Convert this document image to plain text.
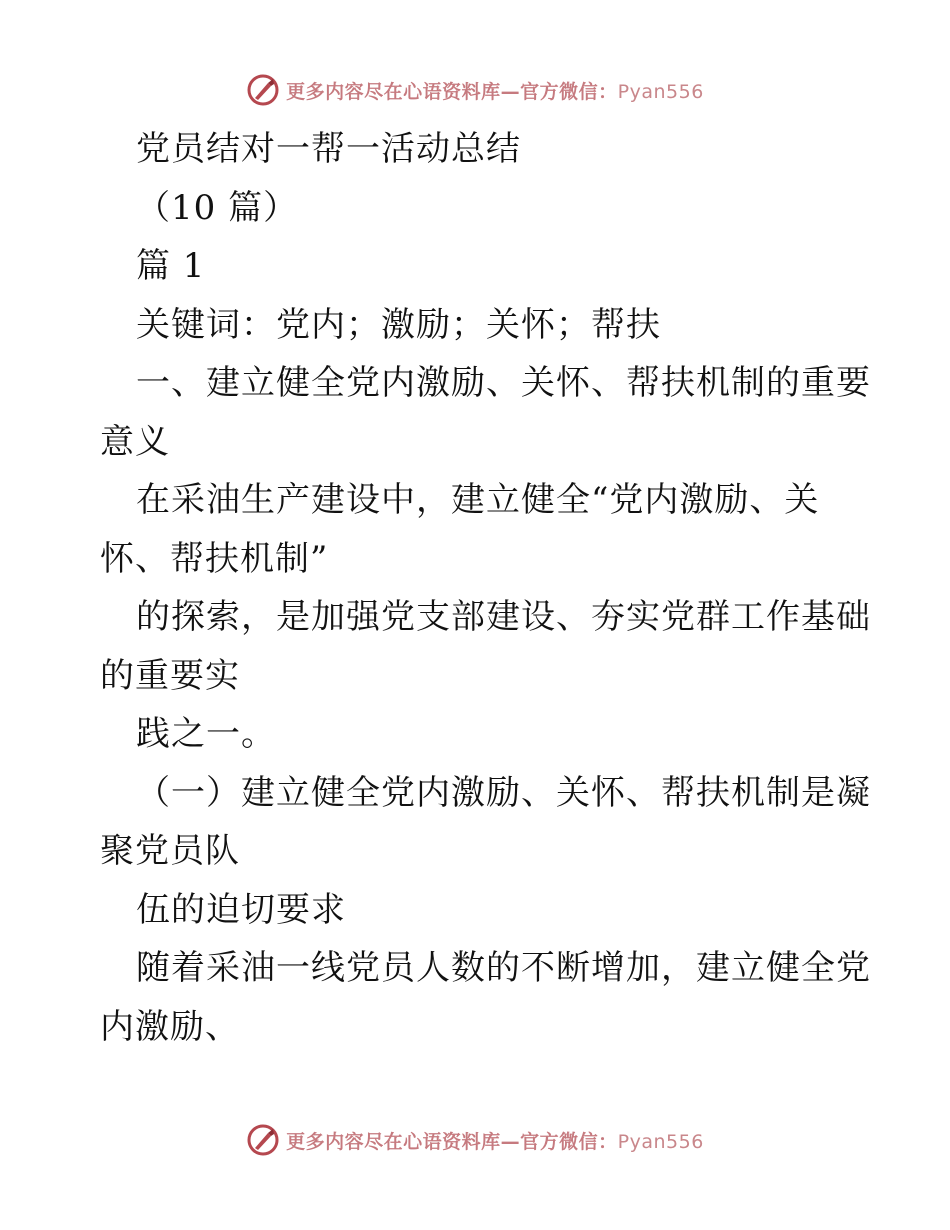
更多内容尽在心语资料库—官方微信：Pyan556
党员结对一帮一活动总结
（10 篇）
篇 1
关键词：党内；激励；关怀；帮扶
一、建立健全党内激励、关怀、帮扶机制的重要
意义
在采油生产建设中，建立健全“党内激励、关
怀、帮扶机制”
的探索，是加强党支部建设、夯实党群工作基础
的重要实
践之一。
（一）建立健全党内激励、关怀、帮扶机制是凝
聚党员队
伍的迫切要求
随着采油一线党员人数的不断增加，建立健全党
内激励、
更多内容尽在心语资料库—官方微信：Pyan556
